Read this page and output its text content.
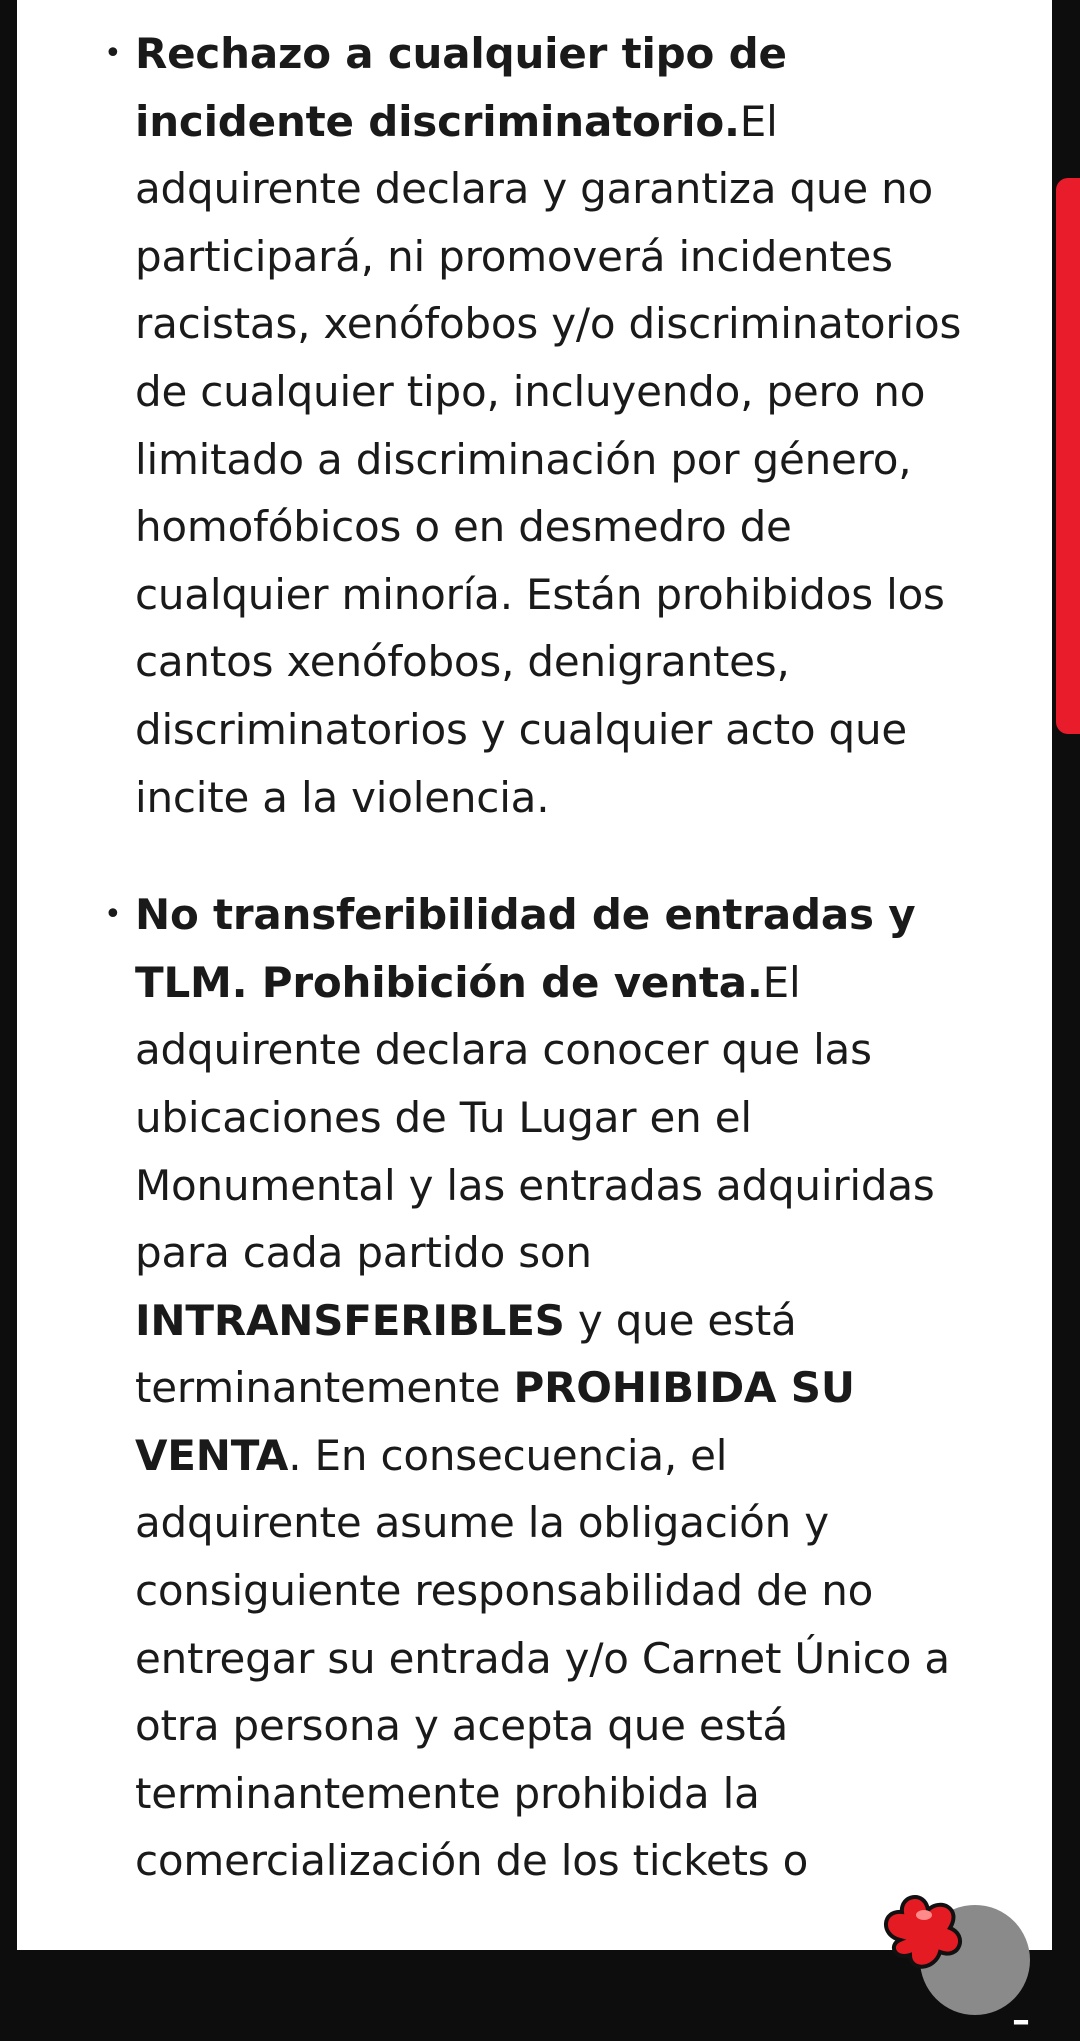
• Rechazo a cualquier tipo de incidente discriminatorio.El adquirente declara y garantiza que no participará, ni promoverá incidentes racistas, xenófobos y/o discriminatorios de cualquier tipo, incluyendo, pero no limitado a discriminación por género, homofóbicos o en desmedro de cualquier minoría. Están prohibidos los cantos xenófobos, denigrantes, discriminatorios y cualquier acto que incite a la violencia.
• No transferibilidad de entradas y TLM. Prohibición de venta.El adquirente declara conocer que las ubicaciones de Tu Lugar en el Monumental y las entradas adquiridas para cada partido son INTRANSFERIBLES y que está terminantemente PROHIBIDA SU VENTA. En consecuencia, el adquirente asume la obligación y consiguiente responsabilidad de no entregar su entrada y/o Carnet Único a otra persona y acepta que está terminantemente prohibida la comercialización de los tickets o
–
